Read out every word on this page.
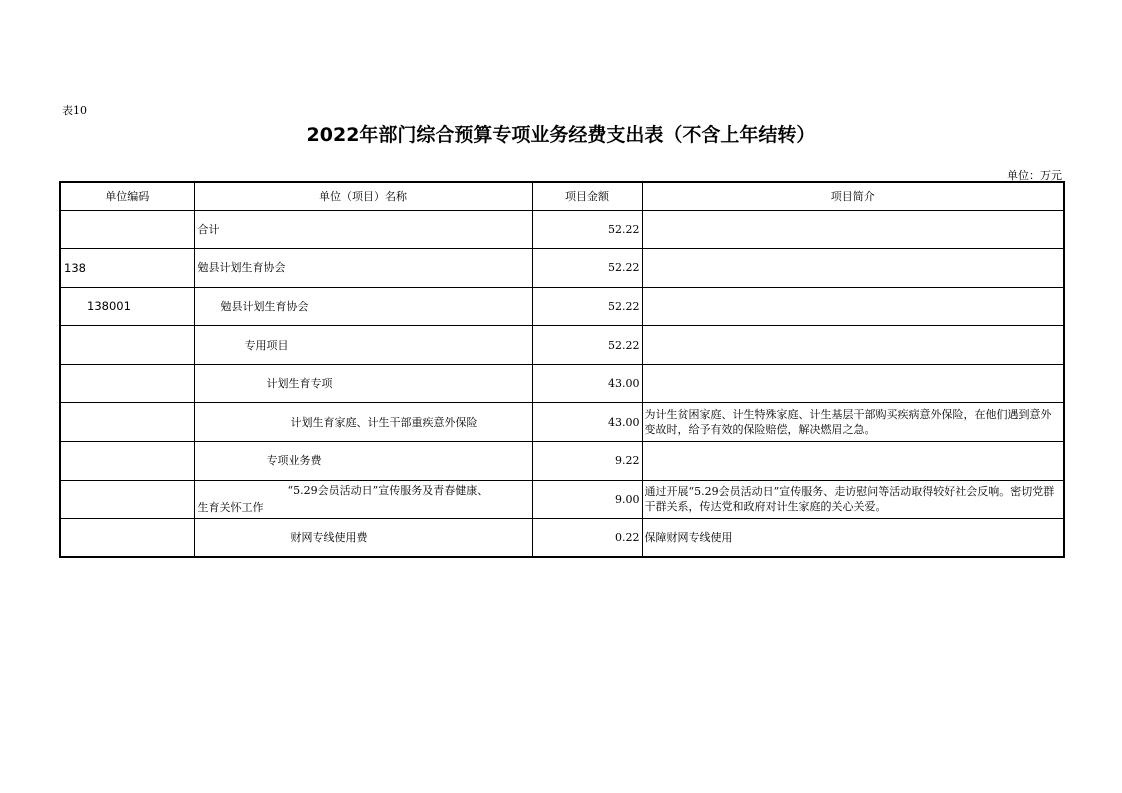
表10
2022年部门综合预算专项业务经费支出表（不含上年结转）
单位：万元
单位编码	单位（项目）名称	项目金额	项目简介
	合计	52.22	
138	勉县计划生育协会	52.22	
138001	勉县计划生育协会	52.22	
	专用项目	52.22	
	计划生育专项	43.00	
	计划生育家庭、计生干部重疾意外保险	43.00	为计生贫困家庭、计生特殊家庭、计生基层干部购买疾病意外保险，在他们遇到意外变故时，给予有效的保险赔偿，解决燃眉之急。
	专项业务费	9.22	

	“5.29会员活动日”宣传服务及青春健康、
生育关怀工作	9.00	通过开展“5.29会员活动日”宣传服务、走访慰问等活动取得较好社会反响。密切党群干群关系，传达党和政府对计生家庭的关心关爱。
	财网专线使用费	0.22	保障财网专线使用
